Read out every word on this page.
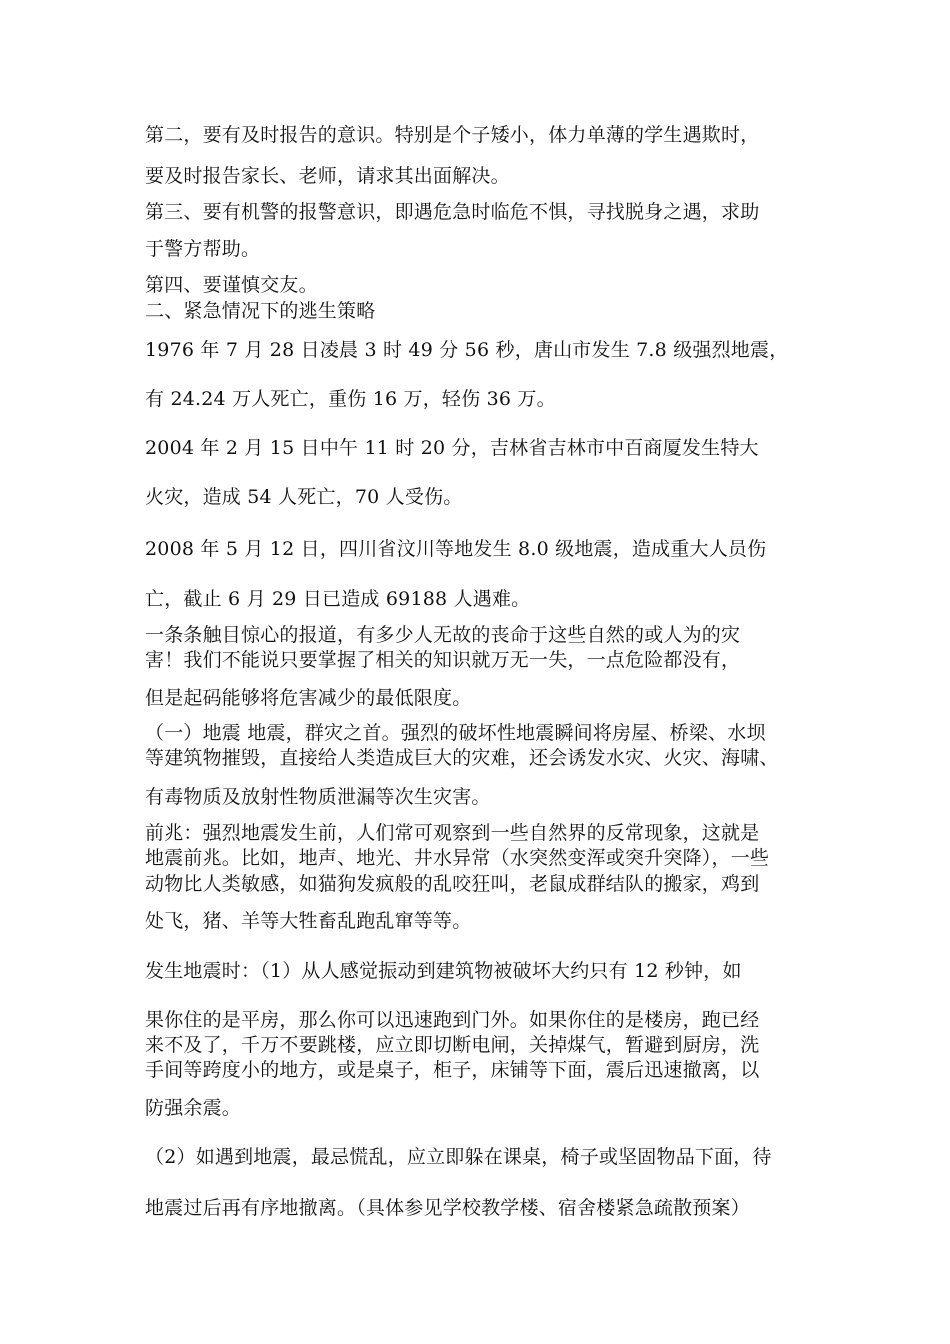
第二，要有及时报告的意识。特别是个子矮小，体力单薄的学生遇欺时，
要及时报告家长、老师，请求其出面解决。
第三、要有机警的报警意识，即遇危急时临危不惧，寻找脱身之遇，求助
于警方帮助。
第四、要谨慎交友。
二、紧急情况下的逃生策略
1976 年 7 月 28 日凌晨 3 时 49 分 56 秒，唐山市发生 7.8 级强烈地震，
有 24.24 万人死亡，重伤 16 万，轻伤 36 万。
2004 年 2 月 15 日中午 11 时 20 分，吉林省吉林市中百商厦发生特大
火灾，造成 54 人死亡，70 人受伤。
2008 年 5 月 12 日，四川省汶川等地发生 8.0 级地震，造成重大人员伤
亡，截止 6 月 29 日已造成 69188 人遇难。
一条条触目惊心的报道，有多少人无故的丧命于这些自然的或人为的灾
害！我们不能说只要掌握了相关的知识就万无一失，一点危险都没有，
但是起码能够将危害减少的最低限度。
（一）地震 地震，群灾之首。强烈的破坏性地震瞬间将房屋、桥梁、水坝
等建筑物摧毁，直接给人类造成巨大的灾难，还会诱发水灾、火灾、海啸、
有毒物质及放射性物质泄漏等次生灾害。
前兆：强烈地震发生前，人们常可观察到一些自然界的反常现象，这就是
地震前兆。比如，地声、地光、井水异常（水突然变浑或突升突降），一些
动物比人类敏感，如猫狗发疯般的乱咬狂叫，老鼠成群结队的搬家，鸡到
处飞，猪、羊等大牲畜乱跑乱窜等等。
发生地震时：（1）从人感觉振动到建筑物被破坏大约只有 12 秒钟，如
果你住的是平房，那么你可以迅速跑到门外。如果你住的是楼房，跑已经
来不及了，千万不要跳楼，应立即切断电闸，关掉煤气，暂避到厨房，洗
手间等跨度小的地方，或是桌子，柜子，床铺等下面，震后迅速撤离，以
防强余震。
（2）如遇到地震，最忌慌乱，应立即躲在课桌，椅子或坚固物品下面，待
地震过后再有序地撤离。（具体参见学校教学楼、宿舍楼紧急疏散预案）
